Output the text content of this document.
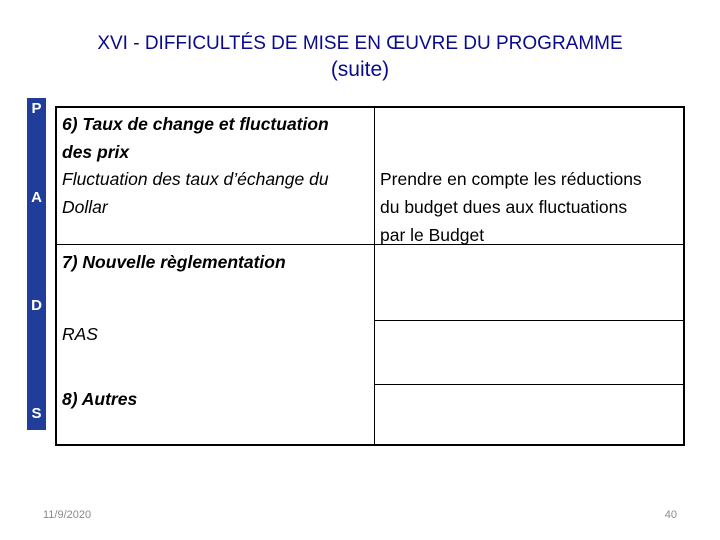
XVI - DIFFICULTÉS DE MISE EN ŒUVRE DU PROGRAMME
(suite)
P
A
D
S
6) Taux de change et fluctuation
des prix
Fluctuation des taux d’échange du
Dollar
Prendre en compte les réductions
du budget dues aux fluctuations
par le Budget
7) Nouvelle règlementation
RAS
8) Autres
11/9/2020	40
